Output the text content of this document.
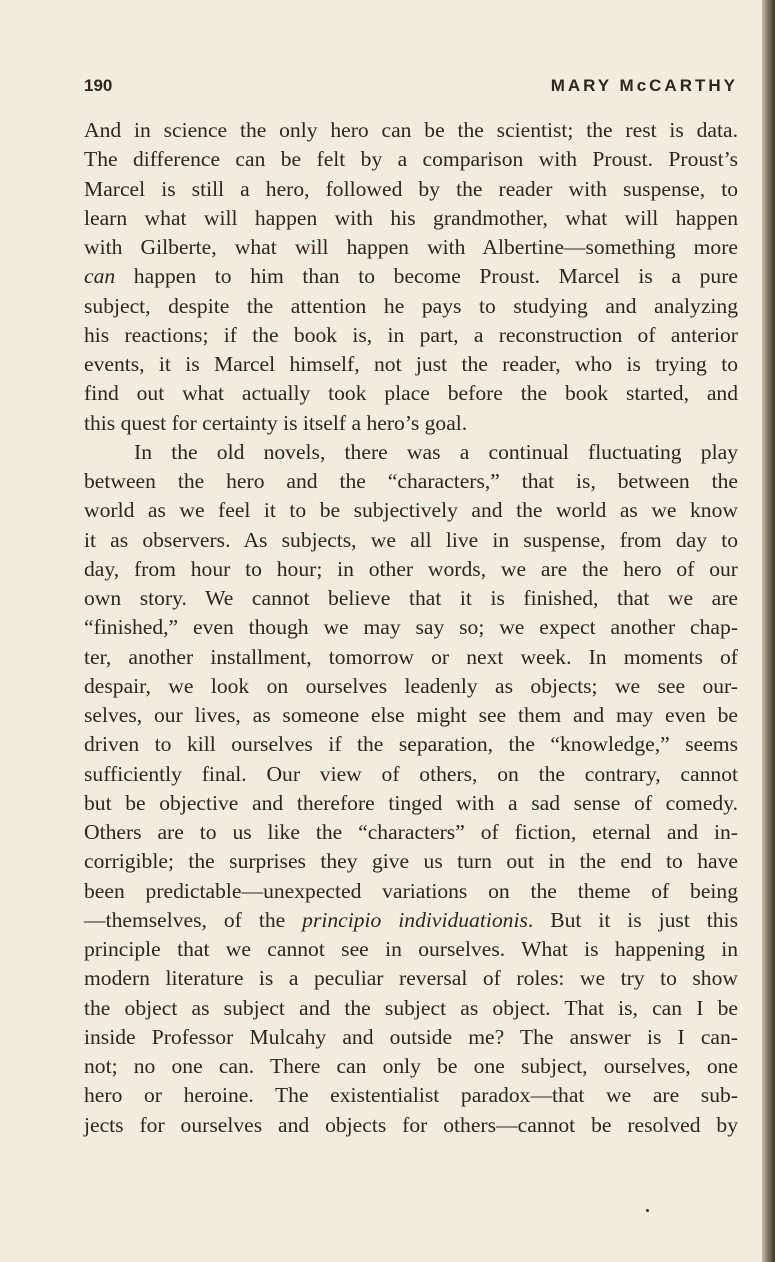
190	MARY McCARTHY
And in science the only hero can be the scientist; the rest is data.
The difference can be felt by a comparison with Proust. Proust’s
Marcel is still a hero, followed by the reader with suspense, to
learn what will happen with his grandmother, what will happen
with Gilberte, what will happen with Albertine—something more
can happen to him than to become Proust. Marcel is a pure
subject, despite the attention he pays to studying and analyzing
his reactions; if the book is, in part, a reconstruction of anterior
events, it is Marcel himself, not just the reader, who is trying to
find out what actually took place before the book started, and
this quest for certainty is itself a hero’s goal.
In the old novels, there was a continual fluctuating play
between the hero and the “characters,” that is, between the
world as we feel it to be subjectively and the world as we know
it as observers. As subjects, we all live in suspense, from day to
day, from hour to hour; in other words, we are the hero of our
own story. We cannot believe that it is finished, that we are
“finished,” even though we may say so; we expect another chap-
ter, another installment, tomorrow or next week. In moments of
despair, we look on ourselves leadenly as objects; we see our-
selves, our lives, as someone else might see them and may even be
driven to kill ourselves if the separation, the “knowledge,” seems
sufficiently final. Our view of others, on the contrary, cannot
but be objective and therefore tinged with a sad sense of comedy.
Others are to us like the “characters” of fiction, eternal and in-
corrigible; the surprises they give us turn out in the end to have
been predictable—unexpected variations on the theme of being
—themselves, of the principio individuationis. But it is just this
principle that we cannot see in ourselves. What is happening in
modern literature is a peculiar reversal of roles: we try to show
the object as subject and the subject as object. That is, can I be
inside Professor Mulcahy and outside me? The answer is I can-
not; no one can. There can only be one subject, ourselves, one
hero or heroine. The existentialist paradox—that we are sub-
jects for ourselves and objects for others—cannot be resolved by
